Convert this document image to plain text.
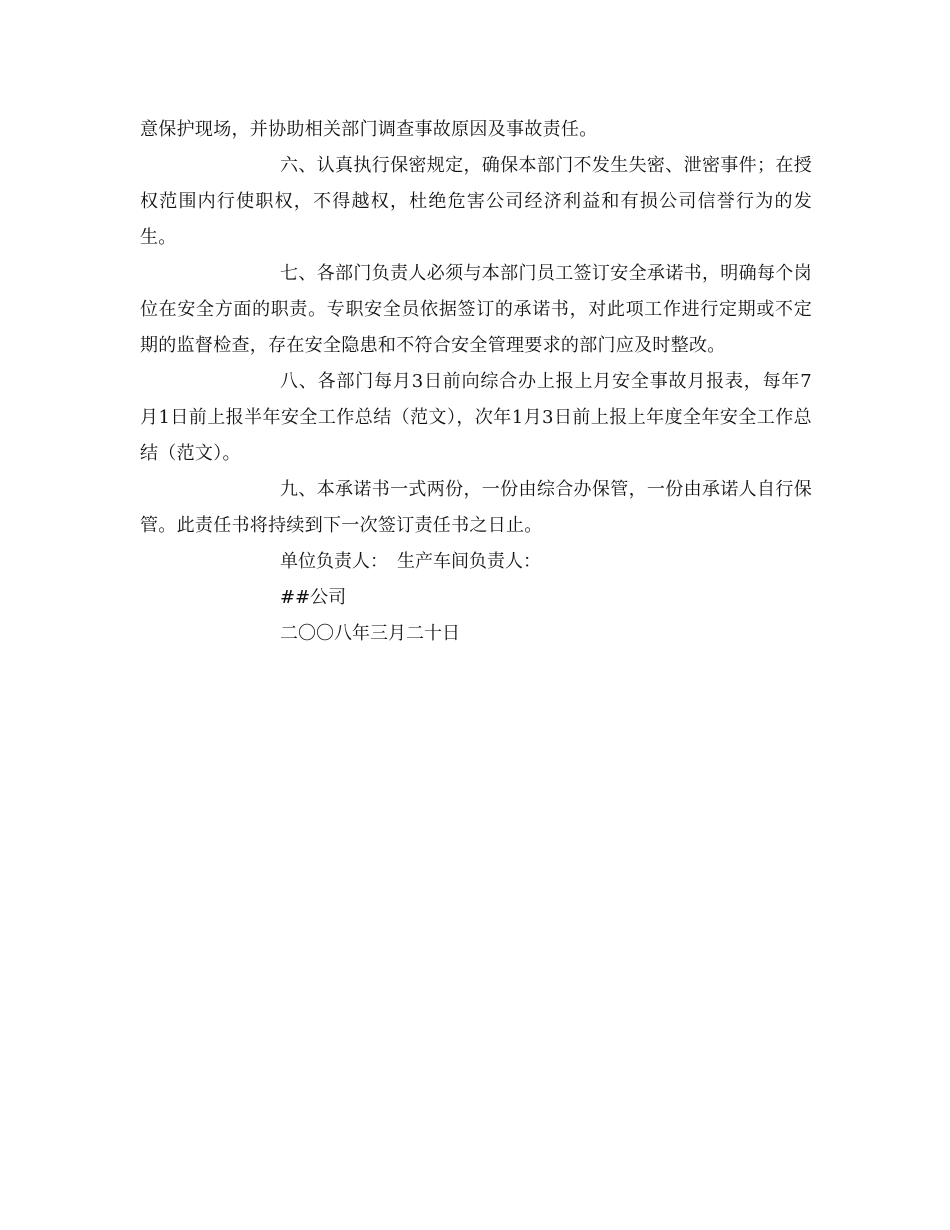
意保护现场，并协助相关部门调查事故原因及事故责任。

六、认真执行保密规定，确保本部门不发生失密、泄密事件；在授权范围内行使职权，不得越权，杜绝危害公司经济利益和有损公司信誉行为的发生。

七、各部门负责人必须与本部门员工签订安全承诺书，明确每个岗位在安全方面的职责。专职安全员依据签订的承诺书，对此项工作进行定期或不定期的监督检查，存在安全隐患和不符合安全管理要求的部门应及时整改。

八、各部门每月3日前向综合办上报上月安全事故月报表，每年7月1日前上报半年安全工作总结（范文），次年1月3日前上报上年度全年安全工作总结（范文）。

九、本承诺书一式两份，一份由综合办保管，一份由承诺人自行保管。此责任书将持续到下一次签订责任书之日止。

单位负责人：　生产车间负责人：

##公司

二〇〇八年三月二十日
